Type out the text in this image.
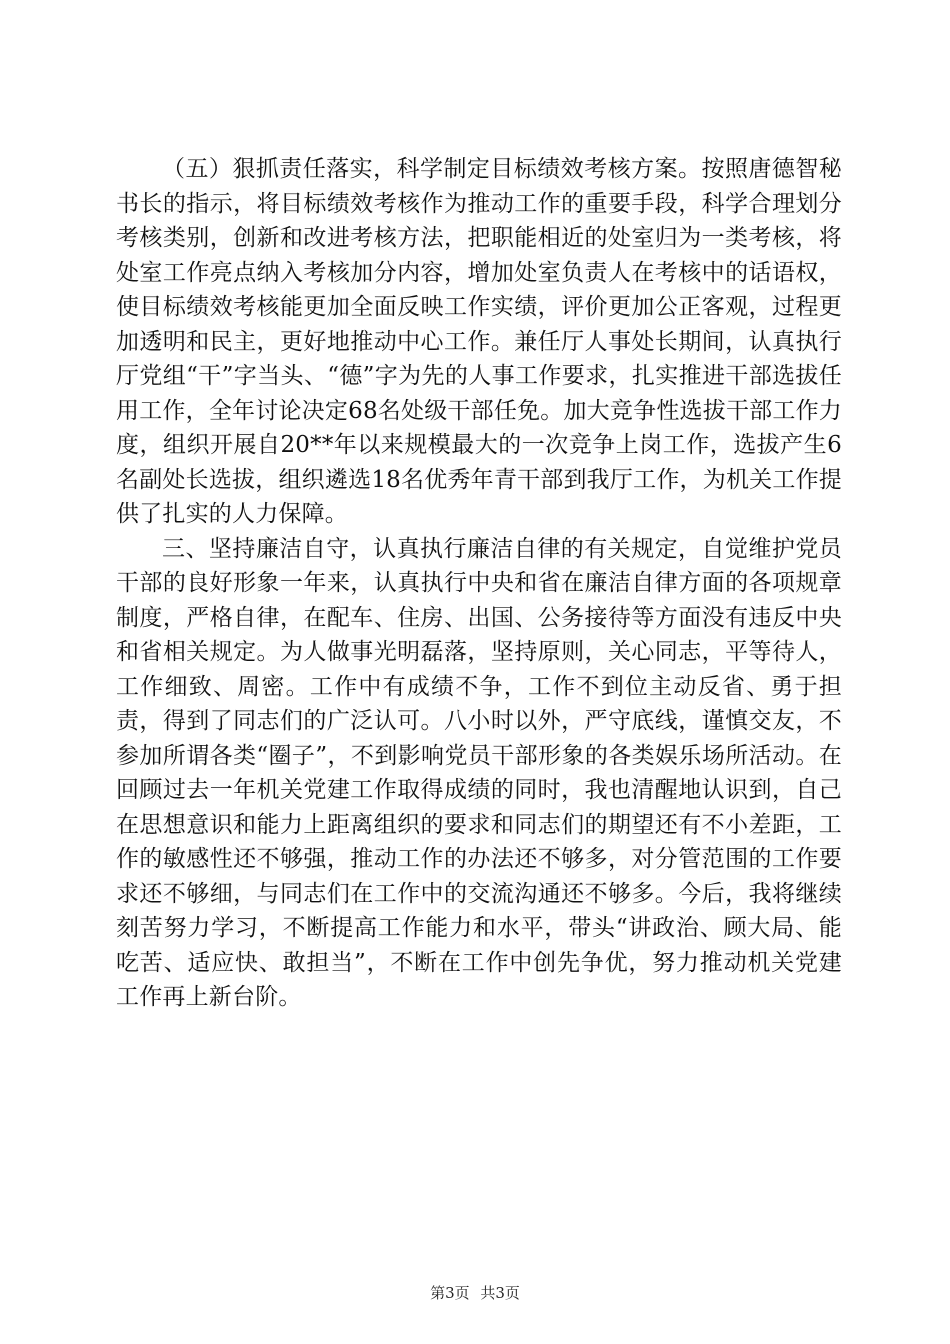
（五）狠抓责任落实，科学制定目标绩效考核方案。按照唐德智秘书长的指示，将目标绩效考核作为推动工作的重要手段，科学合理划分考核类别，创新和改进考核方法，把职能相近的处室归为一类考核，将处室工作亮点纳入考核加分内容，增加处室负责人在考核中的话语权，使目标绩效考核能更加全面反映工作实绩，评价更加公正客观，过程更加透明和民主，更好地推动中心工作。兼任厅人事处长期间，认真执行厅党组“干”字当头、“德”字为先的人事工作要求，扎实推进干部选拔任用工作，全年讨论决定68名处级干部任免。加大竞争性选拔干部工作力度，组织开展自20**年以来规模最大的一次竞争上岗工作，选拔产生6名副处长选拔，组织遴选18名优秀年青干部到我厅工作，为机关工作提供了扎实的人力保障。

三、坚持廉洁自守，认真执行廉洁自律的有关规定，自觉维护党员干部的良好形象一年来，认真执行中央和省在廉洁自律方面的各项规章制度，严格自律，在配车、住房、出国、公务接待等方面没有违反中央和省相关规定。为人做事光明磊落，坚持原则，关心同志，平等待人，工作细致、周密。工作中有成绩不争，工作不到位主动反省、勇于担责，得到了同志们的广泛认可。八小时以外，严守底线，谨慎交友，不参加所谓各类“圈子”，不到影响党员干部形象的各类娱乐场所活动。在回顾过去一年机关党建工作取得成绩的同时，我也清醒地认识到，自己在思想意识和能力上距离组织的要求和同志们的期望还有不小差距，工作的敏感性还不够强，推动工作的办法还不够多，对分管范围的工作要求还不够细，与同志们在工作中的交流沟通还不够多。今后，我将继续刻苦努力学习，不断提高工作能力和水平，带头“讲政治、顾大局、能吃苦、适应快、敢担当”，不断在工作中创先争优，努力推动机关党建工作再上新台阶。

第3页 共3页
